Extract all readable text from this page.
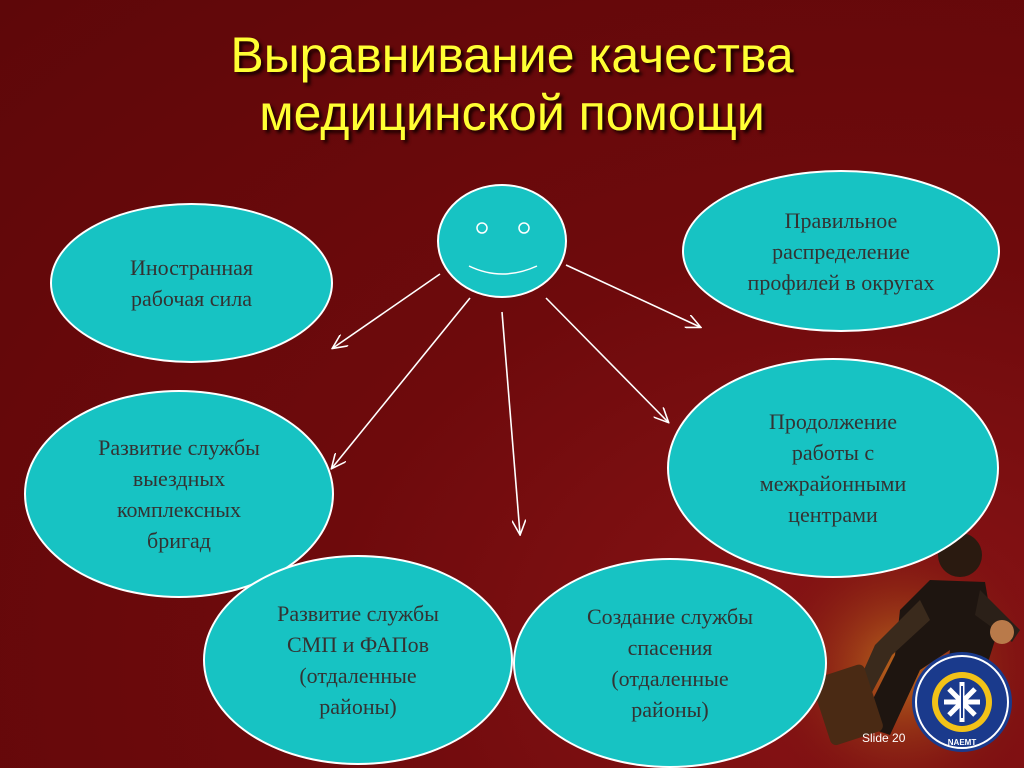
NAEMT
Выравнивание качества
медицинской помощи
Иностранная рабочая сила
Правильное распределение профилей в округах
Развитие службы выездных комплексных бригад
Продолжение работы с межрайонными центрами
Развитие службы СМП и ФАПов (отдаленные районы)
Создание службы спасения (отдаленные районы)
Slide 20
